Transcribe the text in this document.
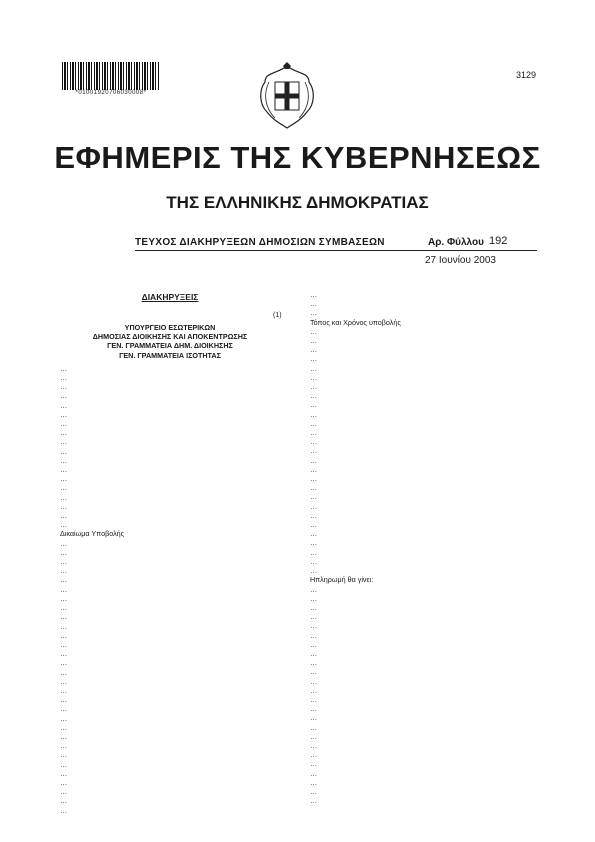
*01001920706030008*
3129
ΕΦΗΜΕΡΙΣ ΤΗΣ ΚΥΒΕΡΝΗΣΕΩΣ
ΤΗΣ ΕΛΛΗΝΙΚΗΣ ΔΗΜΟΚΡΑΤΙΑΣ
ΤΕΥΧΟΣ ΔΙΑΚΗΡΥΞΕΩΝ ΔΗΜΟΣΙΩΝ ΣΥΜΒΑΣΕΩΝ	Αρ. Φύλλου 192
27 Ιουνίου 2003
ΔΙΑΚΗΡΥΞΕΙΣ
(1)
ΥΠΟΥΡΓΕΙΟ ΕΣΩΤΕΡΙΚΩΝ
ΔΗΜΟΣΙΑΣ ΔΙΟΙΚΗΣΗΣ ΚΑΙ ΑΠΟΚΕΝΤΡΩΣΗΣ
ΓΕΝ. ΓΡΑΜΜΑΤΕΙΑ ΔΗΜ. ΔΙΟΙΚΗΣΗΣ
ΓΕΝ. ΓΡΑΜΜΑΤΕΙΑ ΙΣΟΤΗΤΑΣ
…
…
…
…
…
…
…
…
…
…
…
…
…
…
…
…
…
…
Δικαίωμα Υποβολής
…
…
…
…
…
…
…
…
…
…
…
…
…
…
…
…
…
…
…
…
…
…
…
…
…
…
…
…
…
…
…
…
…
Τόπος και Χρόνος υποβολής
…
…
…
…
…
…
…
…
…
…
…
…
…
…
…
…
…
…
…
…
…
…
…
…
…
…
…
Ηπληρωμή θα γίνει:
…
…
…
…
…
…
…
…
…
…
…
…
…
…
…
…
…
…
…
…
…
…
…
…
